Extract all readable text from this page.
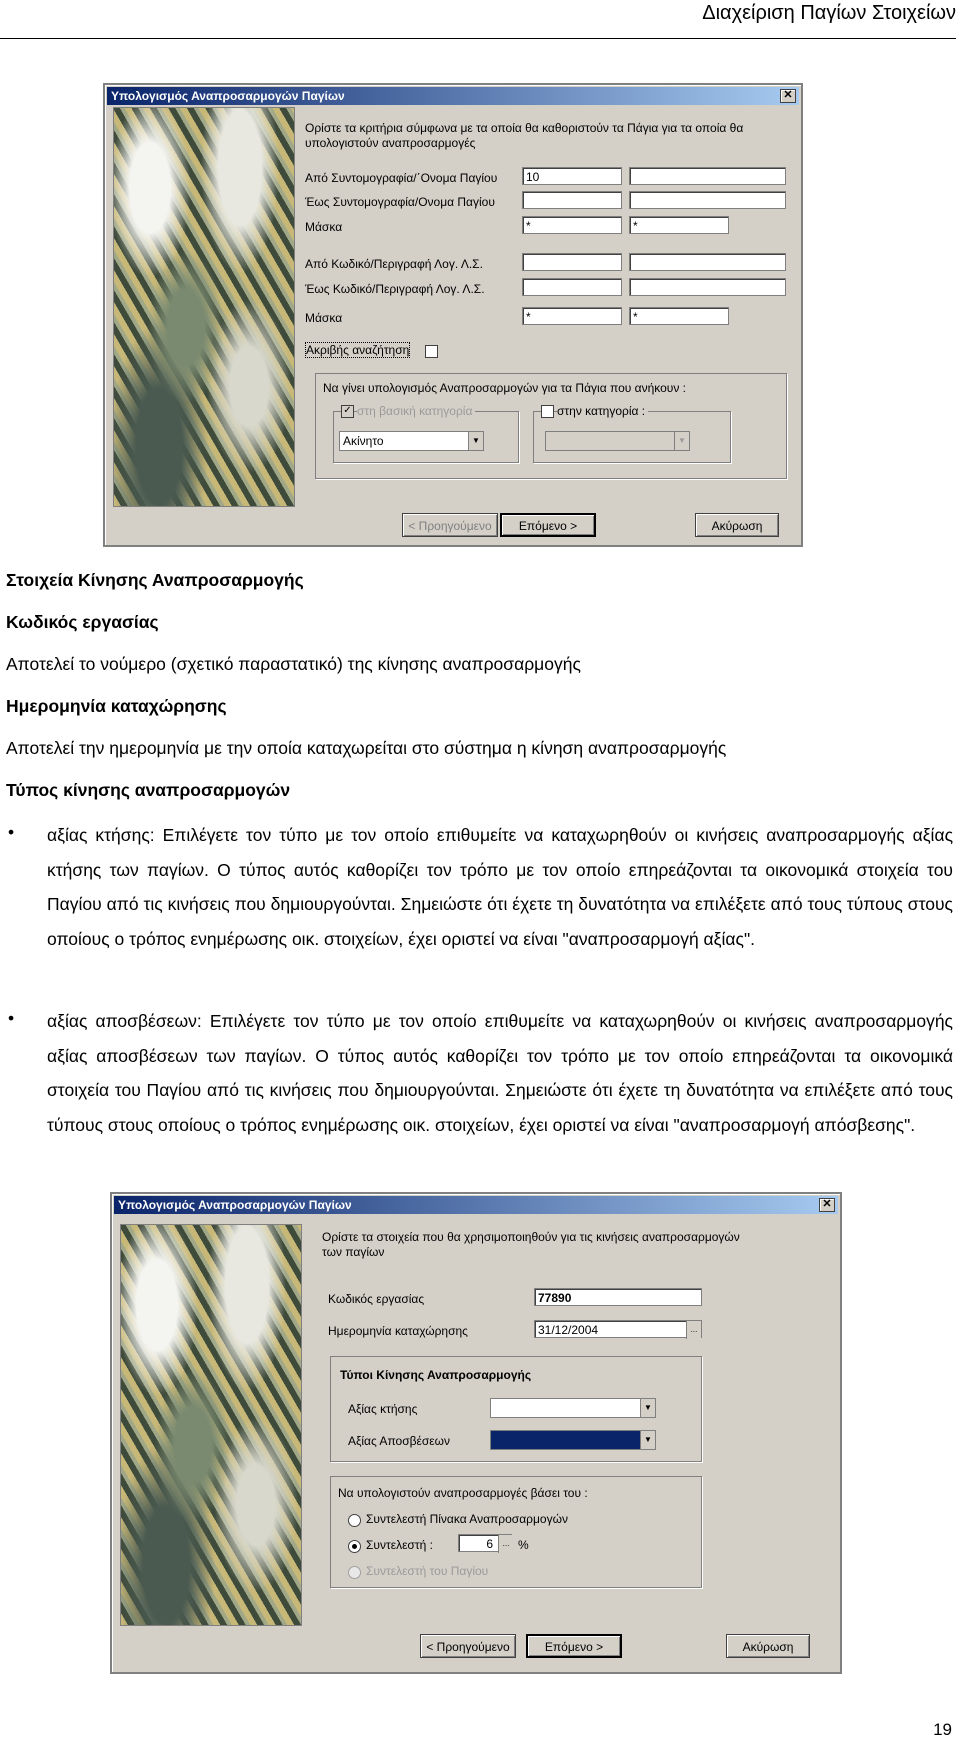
Διαχείριση Παγίων Στοιχείων
Υπολογισμός Αναπροσαρμογών Παγίων	✕
Ορίστε τα κριτήρια σύμφωνα με τα οποία θα καθοριστούν τα Πάγια για τα οποία θα υπολογιστούν αναπροσαρμογές
Από Συντομογραφία/΄Ονομα Παγίου	10
Έως Συντομογραφία/Ονομα Παγίου
Μάσκα	*	*
Από Κωδικό/Περιγραφή Λογ. Λ.Σ.
Έως Κωδικό/Περιγραφή Λογ. Λ.Σ.
Μάσκα	*	*
Ακριβής αναζήτηση
Να γίνει υπολογισμός Αναπροσαρμογών για τα Πάγια που ανήκουν :
✓ στη βασική κατηγορία
Ακίνητο	▼
στην κατηγορία :
▼
< Προηγούμενο	Επόμενο >	Ακύρωση
Στοιχεία Κίνησης Αναπροσαρμογής
Κωδικός εργασίας
Αποτελεί το νούμερο (σχετικό παραστατικό) της κίνησης αναπροσαρμογής
Ημερομηνία καταχώρησης
Αποτελεί την ημερομηνία με την οποία καταχωρείται στο σύστημα η κίνηση αναπροσαρμογής
Τύπος κίνησης αναπροσαρμογών
• αξίας κτήσης: Επιλέγετε τον τύπο με τον οποίο επιθυμείτε να καταχωρηθούν οι κινήσεις αναπροσαρμογής αξίας κτήσης των παγίων. Ο τύπος αυτός καθορίζει τον τρόπο με τον οποίο επηρεάζονται τα οικονομικά στοιχεία του Παγίου από τις κινήσεις που δημιουργούνται. Σημειώστε ότι έχετε τη δυνατότητα να επιλέξετε από τους τύπους στους οποίους ο τρόπος ενημέρωσης οικ. στοιχείων, έχει οριστεί να είναι "αναπροσαρμογή αξίας".
• αξίας αποσβέσεων: Επιλέγετε τον τύπο με τον οποίο επιθυμείτε να καταχωρηθούν οι κινήσεις αναπροσαρμογής αξίας αποσβέσεων των παγίων. Ο τύπος αυτός καθορίζει τον τρόπο με τον οποίο επηρεάζονται τα οικονομικά στοιχεία του Παγίου από τις κινήσεις που δημιουργούνται. Σημειώστε ότι έχετε τη δυνατότητα να επιλέξετε από τους τύπους στους οποίους ο τρόπος ενημέρωσης οικ. στοιχείων, έχει οριστεί να είναι "αναπροσαρμογή απόσβεσης".
Υπολογισμός Αναπροσαρμογών Παγίων	✕
Ορίστε τα στοιχεία που θα χρησιμοποιηθούν για τις κινήσεις αναπροσαρμογών των παγίων
Κωδικός εργασίας	77890
Ημερομηνία καταχώρησης	31/12/2004	...
Τύποι Κίνησης Αναπροσαρμογής
Αξίας κτήσης	▼
Αξίας Αποσβέσεων	▼
Να υπολογιστούν αναπροσαρμογές βάσει του :
Συντελεστή Πίνακα Αναπροσαρμογών
Συντελεστή :	6	... %
Συντελεστή του Παγίου
< Προηγούμενο	Επόμενο >	Ακύρωση
19
